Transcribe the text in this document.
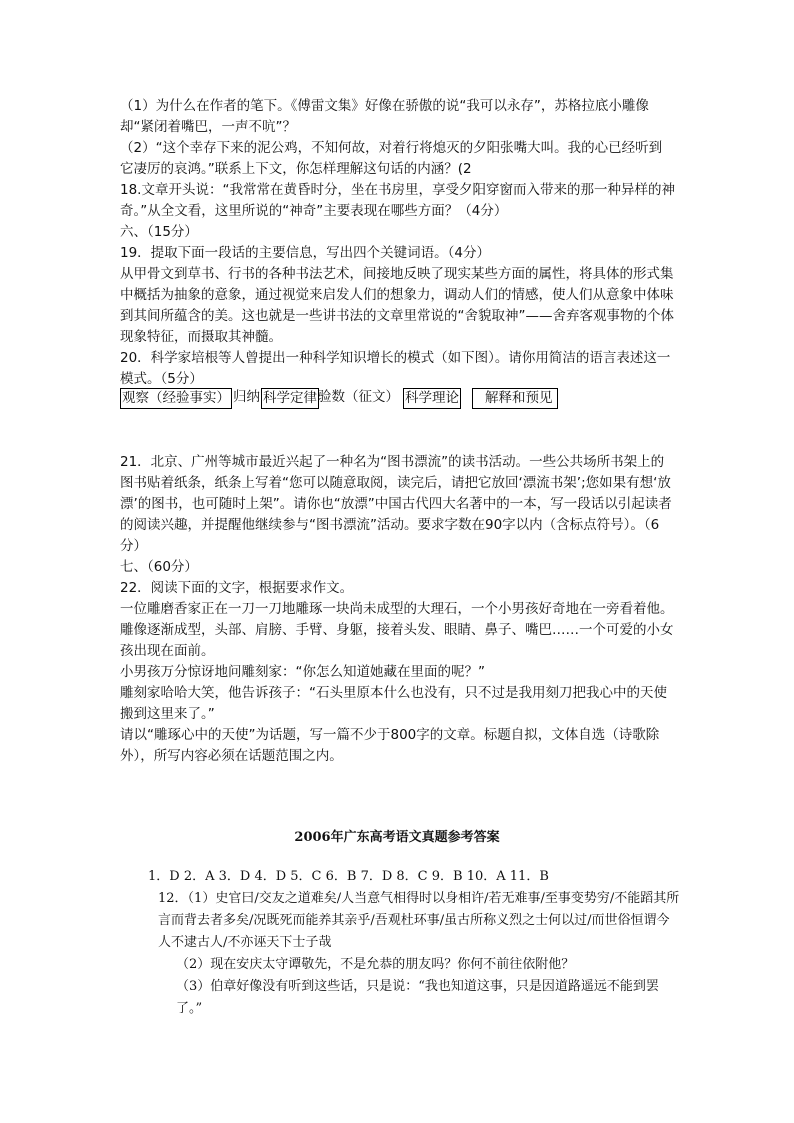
（1）为什么在作者的笔下。《傅雷文集》好像在骄傲的说“我可以永存”，苏格拉底小雕像却“紧闭着嘴巴，一声不吭”？

（2）“这个幸存下来的泥公鸡，不知何故，对着行将熄灭的夕阳张嘴大叫。我的心已经听到它凄厉的哀鸿。”联系上下文，你怎样理解这句话的内涵？(2

18.文章开头说：“我常常在黄昏时分，坐在书房里，享受夕阳穿窗而入带来的那一种异样的神奇。”从全文看，这里所说的“神奇”主要表现在哪些方面？（4分）

六、（15分）

19．提取下面一段话的主要信息，写出四个关键词语。（4分）

从甲骨文到草书、行书的各种书法艺术，间接地反映了现实某些方面的属性，将具体的形式集中概括为抽象的意象，通过视觉来启发人们的想象力，调动人们的情感，使人们从意象中体味到其间所蕴含的美。这也就是一些讲书法的文章里常说的“舍貌取神”——舍弃客观事物的个体现象特征，而摄取其神髓。

20．科学家培根等人曾提出一种科学知识增长的模式（如下图）。请你用简洁的语言表述这一模式。（5分）

观察（经验事实） 归纳 科学定律 验数（征文） 科学理论	解释和预见

21．北京、广州等城市最近兴起了一种名为“图书漂流”的读书活动。一些公共场所书架上的图书贴着纸条，纸条上写着“您可以随意取阅，读完后，请把它放回‘漂流书架’;您如果有想‘放漂’的图书，也可随时上架”。请你也“放漂”中国古代四大名著中的一本，写一段话以引起读者的阅读兴趣，并提醒他继续参与“图书漂流”活动。要求字数在90字以内（含标点符号）。（6分）

七、（60分）

22．阅读下面的文字，根据要求作文。

一位雕磨香家正在一刀一刀地雕琢一块尚未成型的大理石，一个小男孩好奇地在一旁看着他。

雕像逐渐成型，头部、肩膀、手臂、身躯，接着头发、眼睛、鼻子、嘴巴……一个可爱的小女孩出现在面前。

小男孩万分惊讶地问雕刻家：“你怎么知道她藏在里面的呢？”

雕刻家哈哈大笑，他告诉孩子：“石头里原本什么也没有，只不过是我用刻刀把我心中的天使搬到这里来了。”

请以“雕琢心中的天使”为话题，写一篇不少于800字的文章。标题自拟，文体自选（诗歌除外），所写内容必须在话题范围之内。

2006年广东高考语文真题参考答案

1．D 2．A 3．D 4．D 5．C 6．B 7．D 8．C 9．B 10．A 11．B

12．（1）史官曰/交友之道难矣/人当意气相得时以身相许/若无难事/至事变势穷/不能蹈其所言而背去者多矣/况既死而能养其亲乎/吾观杜环事/虽古所称义烈之士何以过/而世俗恒谓今人不逮古人/不亦诬天下士子哉

（2）现在安庆太守谭敬先，不是允恭的朋友吗？你何不前往依附他？

（3）伯章好像没有听到这些话，只是说：“我也知道这事，只是因道路遥远不能到罢了。”
